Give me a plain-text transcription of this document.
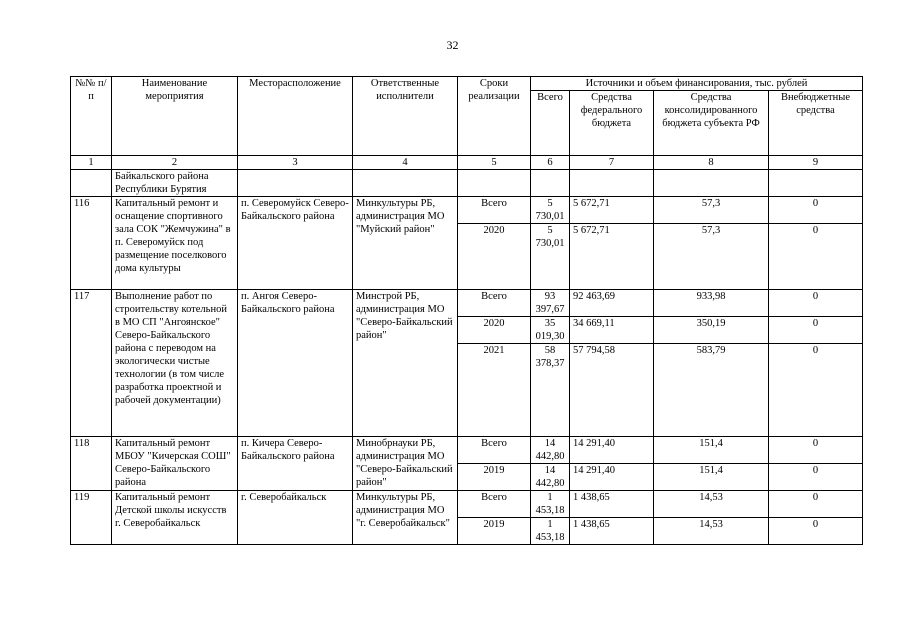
32
№№ п/п	Наименование мероприятия	Месторасположение	Ответственные исполнители	Сроки реализации	Источники и объем финансирования, тыс. рублей			
					Всего	Средства федерального бюджета	Средства консолидированного бюджета субъекта РФ	Внебюджетные средства
1	2	3	4	5	6	7	8	9
	Байкальского района Республики Бурятия							
116	Капитальный ремонт и оснащение спортивного зала СОК "Жемчужина" в п. Северомуйск под размещение поселкового дома культуры	п. Северомуйск Северо-Байкальского района	Минкультуры РБ, администрация МО "Муйский район"	Всего	5 730,01	5 672,71	57,3	0
				2020	5 730,01	5 672,71	57,3	0
117	Выполнение работ по строительству котельной в МО СП "Ангоянское" Северо-Байкальского района с переводом на экологически чистые технологии (в том числе разработка проектной и рабочей документации)	п. Ангоя Северо-Байкальского района	Минстрой РБ, администрация МО "Северо-Байкальский район"	Всего	93 397,67	92 463,69	933,98	0
				2020	35 019,30	34 669,11	350,19	0
				2021	58 378,37	57 794,58	583,79	0
118	Капитальный ремонт МБОУ "Кичерская СОШ" Северо-Байкальского района	п. Кичера Северо-Байкальского района	Минобрнауки РБ, администрация МО "Северо-Байкальский район"	Всего	14 442,80	14 291,40	151,4	0
				2019	14 442,80	14 291,40	151,4	0
119	Капитальный ремонт Детской школы искусств г. Северобайкальск	г. Северобайкальск	Минкультуры РБ, администрация МО "г. Северобайкальск"	Всего	1 453,18	1 438,65	14,53	0
				2019	1 453,18	1 438,65	14,53	0
